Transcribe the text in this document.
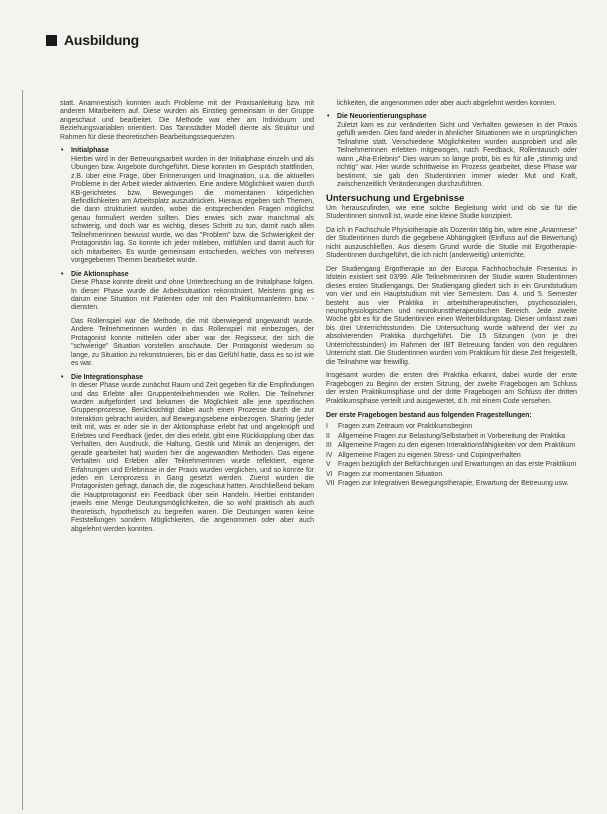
Ausbildung

statt. Anamnestisch konnten auch Probleme mit der Praxisanleitung bzw. mit anderen Mitarbeitern auf. Diese wurden als Einstieg gemeinsam in der Gruppe angeschaut und bearbeitet. Die Methode war eher am Individuum und Beziehungsvariablen orientiert. Das Tannstädter Modell diente als Struktur und Rahmen für diese theoretischen Bearbeitungssequenzen.

• Initialphase

Hierbei wird in der Betreuungsarbeit wurden in der Initialphase einzeln und als Übungen bzw. Angebote durchgeführt. Diese konnten im Gespräch stattfinden, z.B. über eine Frage, über Erinnerungen und Imagination, u.a. die aktuellen Probleme in der Arbeit wieder aktivierten. Eine andere Möglichkeit waren durch KB-gerichtetes bzw. Bewegungen die momentanen körperlichen Befindlichkeiten am Arbeitsplatz auszudrücken. Hieraus ergeben sich Themen, die dann strukturiert wurden, wobei die entsprechenden Fragen möglichst genau formuliert werden sollten. Dies erwies sich zwar manchmal als schwierig, und doch war es wichtig, dieses Schritt zu tun, damit nach allen Teilnehmerinnen bewusst wurde, wo das "Problem" bzw. die Schwierigkeit der Protagonistin lag. So konnte ich jeder mitleben, mitfühlen und damit auch für sich mitarbeiten. Es wurde gemeinsam entschieden, welches von mehreren vorgegebenen Themen bearbeitet wurde.

• Die Aktionsphase

Diese Phase konnte direkt und ohne Unterbrechung an die Initialphase folgen. In dieser Phase wurde die Arbeitssituation rekonstruiert. Meistens ging es darum eine Situation mit Patienten oder mit den Praktikumsanleitern bzw. -diensten.

Das Rollenspiel war die Methode, die mit überwiegend angewandt wurde. Andere Teilnehmerinnen wurden in das Rollenspiel mit einbezogen, der Protagonist konnte mitteilen oder aber war der Regisseur, der sich die "schwierige" Situation vorstellen anschaute. Der Protagonist wiederum so lange, zu Situation zu rekonstruieren, bis er das Gefühl hatte, dass es so ist wie es war.

• Die Integrationsphase

In dieser Phase wurde zunächst Raum und Zeit gegeben für die Empfindungen und das Erlebte aller Gruppenteilnehmenden wie Rollen. Die Teilnehmer wurden aufgefordert und bekamen die Möglichkeit alle jene spezifischen Gruppenprozesse, Berücksichtigt dabei auch einen Prozesse durch die zur Interaktion gebracht wurden, auf Bewegungsebene einbezogen. Sharing (jeder teilt mit, was er oder sie in der Aktionsphase erlebt hat und angeknüpft und Erlebtes und Feedback (jeder, der dies erlebt, gibt eine Rückkopplung über das Verhalten, den Ausdruck, die Haltung, Gestik und Mimik an denjenigen, der gerade gearbeitet hat) wurden hier die angewandten Methoden. Das eigene Verhalten und Erleben aller Teilnehmerinnen wurde reflektiert, eigene Erfahrungen und Erlebnisse in der Praxis wurden verglichen, und so konnte für jeden ein Lernprozess in Gang gesetzt werden. Zuerst wurden die Protagonisten gefragt, danach die, die zugeschaut hatten. Anschließend bekam die Hauptprotagonist ein Feedback über sein Handeln. Hierbei entstanden jeweils eine Menge Deutungsmöglichkeiten, die so wohl praktisch als auch theoretisch, hypothetisch zu begreifen waren. Die Deutungen waren keine Feststellungen sondern Möglichkeiten, die angenommen oder aber auch abgelehnt werden konnten.

lichkeiten, die angenommen oder aber auch abgelehnt werden konnten.

• Die Neuorientierungsphase

Zuletzt kam es zur veränderten Sicht und Verhalten gewiesen in der Praxis gefüllt werden. Dies fand wieder in ähnlicher Situationen wie in ursprünglichen Teilnahme statt. Verschiedene Möglichkeiten wurden ausprobiert und alle Teilnehmerinnen erlebten mitgewogen, nach Feedback, Rollentausch oder wann „Aha-Erlebnis" Dies warum so lange probt, bis es für alle „stimmig und richtig" war. Hier wurde schrittweise im Prozess gearbeitet, diese Phase war bestimmt, sie gab den Studentinnen immer wieder Mut und Kraft, zwischenzeitlich Veränderungen durchzuführen.

Untersuchung und Ergebnisse

Um herauszufinden, wie eine solche Begleitung wirkt und ob sie für die Studentinnen sinnvoll ist, wurde eine kleine Studie konzipiert.

Da ich in Fachschule Physiotherapie als Dozentin tätig bin, wäre eine „Anamnese" der Studentinnen durch die gegebene Abhängigkeit (Einfluss auf die Bewertung) nicht auszuschließen. Aus diesem Grund wurde die Studie mit Ergotherapie-Studentinnen durchgeführt, die ich nicht (anderweitig) unterrichte.

Der Studiengang Ergotherapie an der Europa Fachhochschule Fresenius in Idstein existiert seit 03/99. Alle Teilnehmerinnen der Studie waren Studentinnen dieses ersten Studiengangs. Der Studiengang gliedert sich in ein Grundstudium von vier und ein Hauptstudium mit vier Semestern. Das 4. und 5. Semester besteht aus vier Praktika in arbeitstherapeutischen, psychosozialen, neurophysiologischen und neurokunsttherapeutischen Bereich. Jede zweite Woche gibt es für die Studentinnen einen Weiterbildungstag. Dieser umfasst zwei bis drei Unterrichtsstunden. Die Untersuchung wurde während der vier zu absolvierenden Praktika durchgeführt. Die 15 Sitzungen (von je drei Unterrichtsstunden) im Rahmen der IBT Betreuung fanden von den regulären Unterricht statt. Die Studentinnen wurden vom Praktikum für diese Zeit freigestellt, die Teilnahme war freiwillig.

Insgesamt wurden die ersten drei Praktika erkannt, dabei wurde der erste Fragebogen zu Beginn der ersten Sitzung, der zweite Fragebogen am Schluss der ersten Praktikumsphase und der dritte Fragebogen am Schluss der dritten Praktikumsphase verteilt und ausgewertet, d.h. mit einem Code versehen.

Der erste Fragebogen bestand aus folgenden Fragestellungen:
I	Fragen zum Zeitraum vor Praktikumsbeginn
II	Allgemeine Fragen zur Belastung/Selbstarbeit in Vorbereitung der Praktika
III Allgemeine Fragen zu den eigenen Interaktionsfähigkeiten vor dem Praktikum
IV Allgemeine Fragen zu eigenen Stress- und Copingverhalten
V	Fragen bezüglich der Befürchtungen und Erwartungen an das erste Praktikum
VI Fragen zur momentanen Situation
VII Fragen zur Integrativen Bewegungstherapie, Erwartung der Betreuung usw.
